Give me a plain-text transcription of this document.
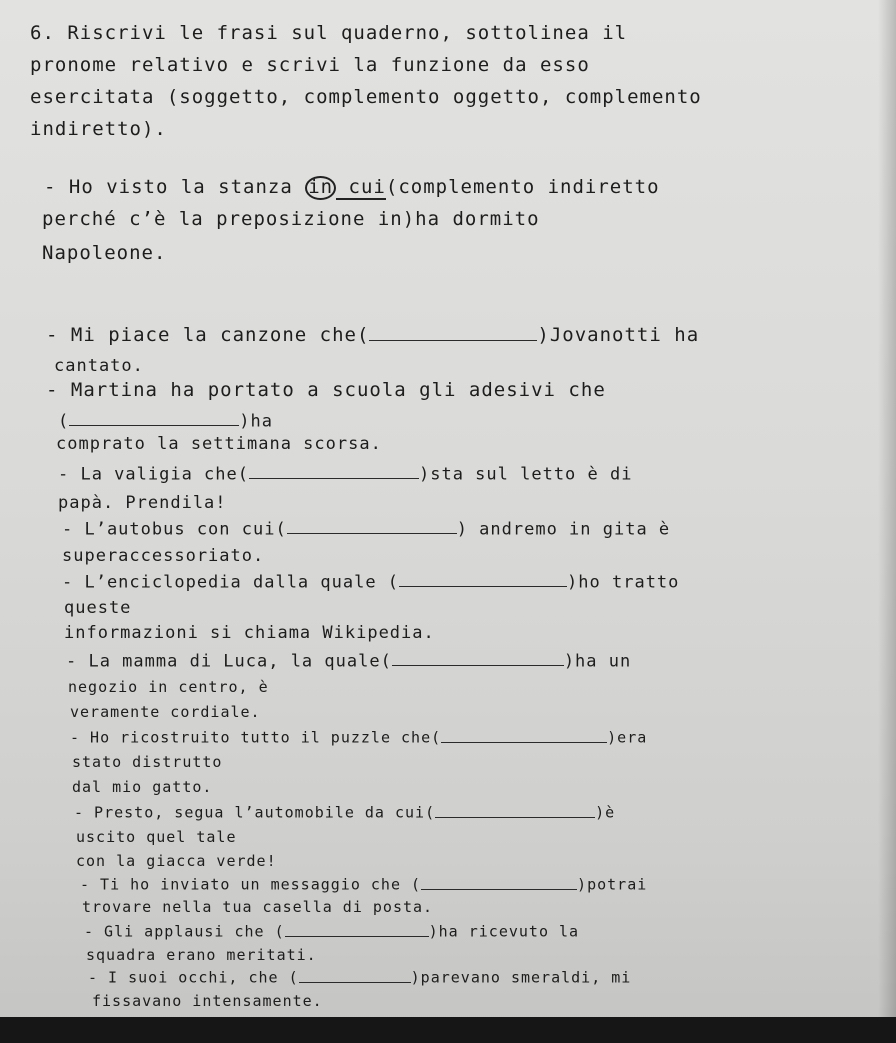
6. Riscrivi le frasi sul quaderno, sottolinea il
pronome relativo e scrivi la funzione da esso
esercitata (soggetto, complemento oggetto, complemento
indiretto).
- Ho visto la stanza in cui(complemento indiretto
perché c’è la preposizione in)ha dormito
Napoleone.
- Mi piace la canzone che(	)Jovanotti ha
cantato.
- Martina ha portato a scuola gli adesivi che
(	)ha
comprato la settimana scorsa.
- La valigia che(	)sta sul letto è di
papà. Prendila!
- L’autobus con cui(	) andremo in gita è
superaccessoriato.
- L’enciclopedia dalla quale (	)ho tratto
queste
informazioni si chiama Wikipedia.
- La mamma di Luca, la quale(	)ha un
negozio in centro, è
veramente cordiale.
- Ho ricostruito tutto il puzzle che(	)era
stato distrutto
dal mio gatto.
- Presto, segua l’automobile da cui(	)è
uscito quel tale
con la giacca verde!
- Ti ho inviato un messaggio che (	)potrai
trovare nella tua casella di posta.
- Gli applausi che (	)ha ricevuto la
squadra erano meritati.
- I suoi occhi, che (	)parevano smeraldi, mi
fissavano intensamente.
